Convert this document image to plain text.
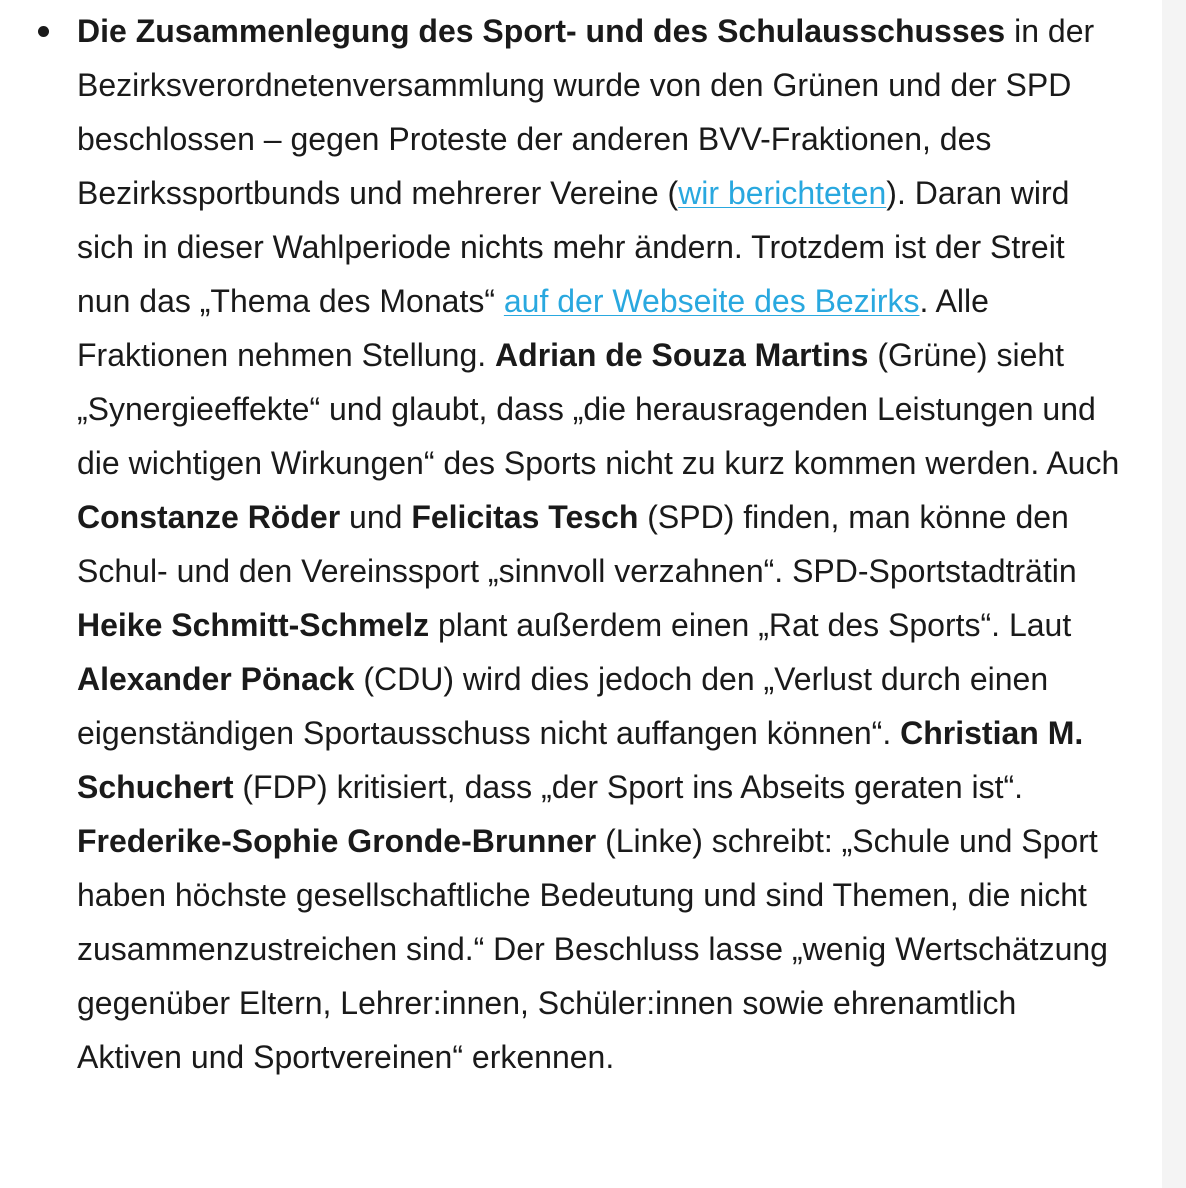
Die Zusammenlegung des Sport- und des Schulausschusses in der Bezirksverordnetenversammlung wurde von den Grünen und der SPD beschlossen – gegen Proteste der anderen BVV-Fraktionen, des Bezirkssportbunds und mehrerer Vereine (wir berichteten). Daran wird sich in dieser Wahlperiode nichts mehr ändern. Trotzdem ist der Streit nun das „Thema des Monats“ auf der Webseite des Bezirks. Alle Fraktionen nehmen Stellung. Adrian de Souza Martins (Grüne) sieht „Synergieeffekte“ und glaubt, dass „die herausragenden Leistungen und die wichtigen Wirkungen“ des Sports nicht zu kurz kommen werden. Auch Constanze Röder und Felicitas Tesch (SPD) finden, man könne den Schul- und den Vereinssport „sinnvoll verzahnen“. SPD-Sportstadträtin Heike Schmitt-Schmelz plant außerdem einen „Rat des Sports“. Laut Alexander Pönack (CDU) wird dies jedoch den „Verlust durch einen eigenständigen Sportausschuss nicht auffangen können“. Christian M. Schuchert (FDP) kritisiert, dass „der Sport ins Abseits geraten ist“. Frederike-Sophie Gronde-Brunner (Linke) schreibt: „Schule und Sport haben höchste gesellschaftliche Bedeutung und sind Themen, die nicht zusammenzustreichen sind.“ Der Beschluss lasse „wenig Wertschätzung gegenüber Eltern, Lehrer:innen, Schüler:innen sowie ehrenamtlich Aktiven und Sportvereinen“ erkennen.
